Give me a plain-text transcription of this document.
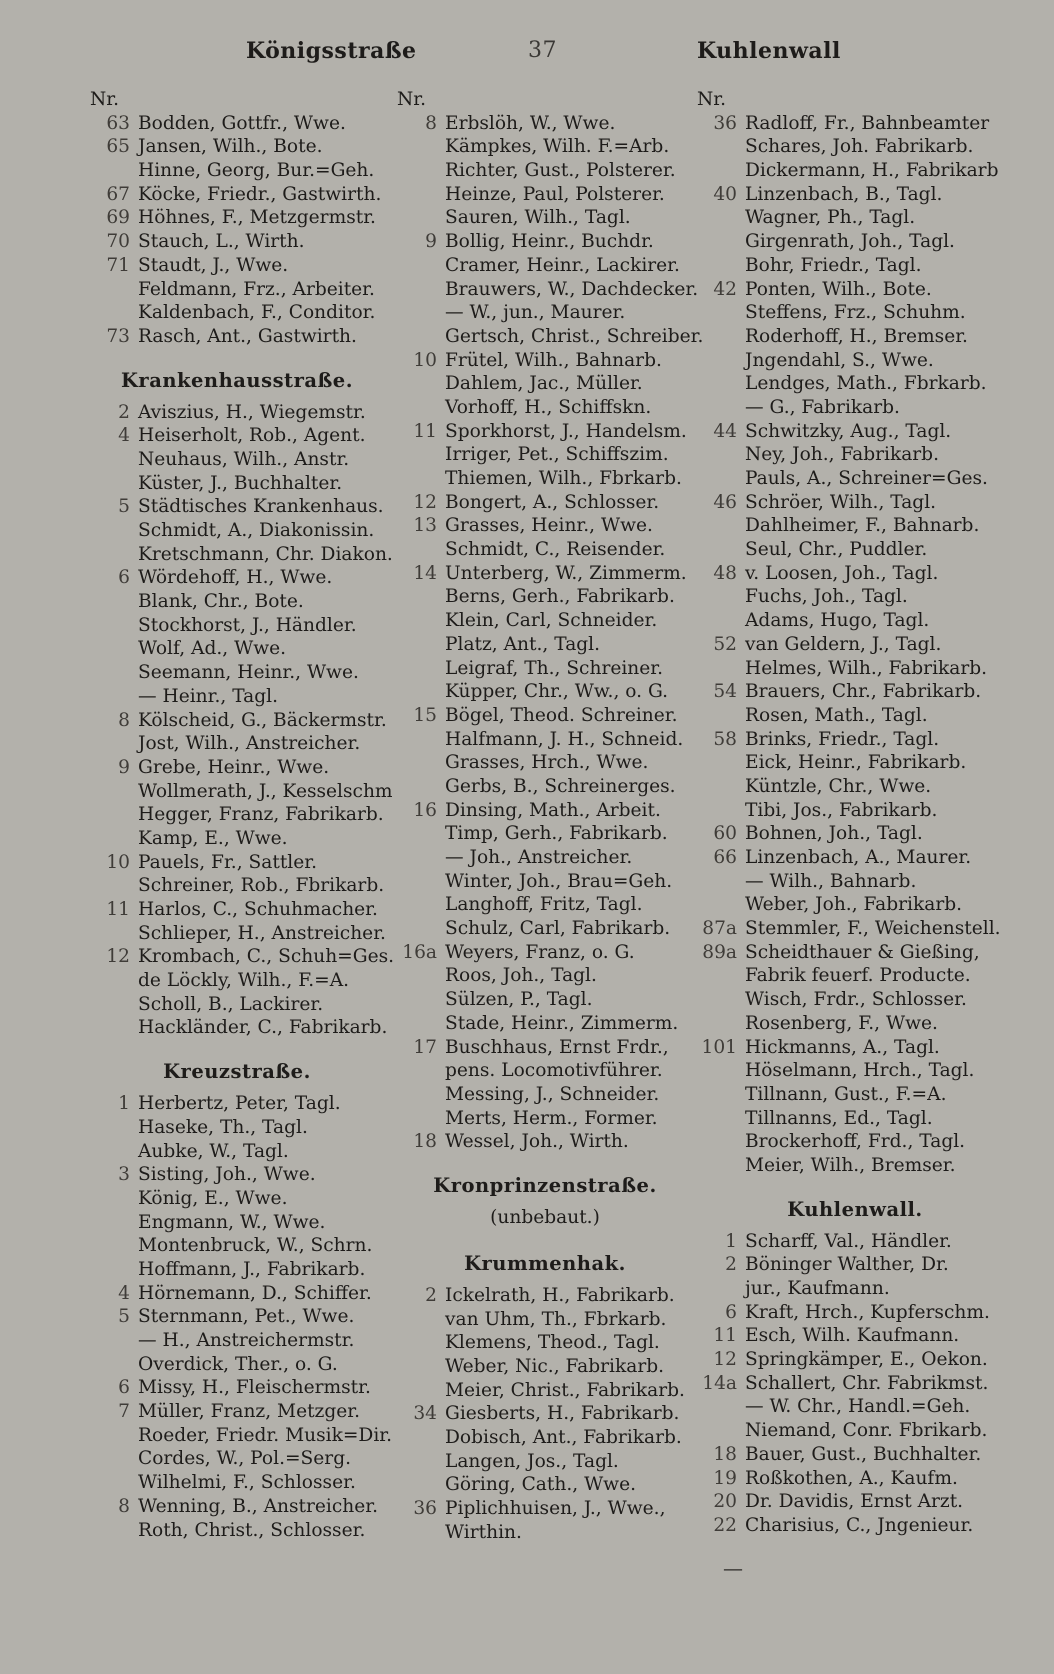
Königsstraße	37	Kuhlenwall
Nr.
63 Bodden, Gottfr., Wwe.
65 Jansen, Wilh., Bote.
Hinne, Georg, Bur.=Geh.
67 Köcke, Friedr., Gastwirth.
69 Höhnes, F., Metzgermstr.
70 Stauch, L., Wirth.
71 Staudt, J., Wwe.
Feldmann, Frz., Arbeiter.
Kaldenbach, F., Conditor.
73 Rasch, Ant., Gastwirth.
Krankenhausstraße.
2 Aviszius, H., Wiegemstr.
4 Heiserholt, Rob., Agent.
Neuhaus, Wilh., Anstr.
Küster, J., Buchhalter.
5 Städtisches Krankenhaus.
Schmidt, A., Diakonissin.
Kretschmann, Chr. Diakon.
6 Wördehoff, H., Wwe.
Blank, Chr., Bote.
Stockhorst, J., Händler.
Wolf, Ad., Wwe.
Seemann, Heinr., Wwe.
— Heinr., Tagl.
8 Kölscheid, G., Bäckermstr.
Jost, Wilh., Anstreicher.
9 Grebe, Heinr., Wwe.
Wollmerath, J., Kesselschm
Hegger, Franz, Fabrikarb.
Kamp, E., Wwe.
10 Pauels, Fr., Sattler.
Schreiner, Rob., Fbrikarb.
11 Harlos, C., Schuhmacher.
Schlieper, H., Anstreicher.
12 Krombach, C., Schuh=Ges.
de Löckly, Wilh., F.=A.
Scholl, B., Lackirer.
Hackländer, C., Fabrikarb.
Kreuzstraße.
1 Herbertz, Peter, Tagl.
Haseke, Th., Tagl.
Aubke, W., Tagl.
3 Sisting, Joh., Wwe.
König, E., Wwe.
Engmann, W., Wwe.
Montenbruck, W., Schrn.
Hoffmann, J., Fabrikarb.
4 Hörnemann, D., Schiffer.
5 Sternmann, Pet., Wwe.
— H., Anstreichermstr.
Overdick, Ther., o. G.
6 Missy, H., Fleischermstr.
7 Müller, Franz, Metzger.
Roeder, Friedr. Musik=Dir.
Cordes, W., Pol.=Serg.
Wilhelmi, F., Schlosser.
8 Wenning, B., Anstreicher.
Roth, Christ., Schlosser.
Nr.
8 Erbslöh, W., Wwe.
Kämpkes, Wilh. F.=Arb.
Richter, Gust., Polsterer.
Heinze, Paul, Polsterer.
Sauren, Wilh., Tagl.
9 Bollig, Heinr., Buchdr.
Cramer, Heinr., Lackirer.
Brauwers, W., Dachdecker.
— W., jun., Maurer.
Gertsch, Christ., Schreiber.
10 Frütel, Wilh., Bahnarb.
Dahlem, Jac., Müller.
Vorhoff, H., Schiffskn.
11 Sporkhorst, J., Handelsm.
Irriger, Pet., Schiffszim.
Thiemen, Wilh., Fbrkarb.
12 Bongert, A., Schlosser.
13 Grasses, Heinr., Wwe.
Schmidt, C., Reisender.
14 Unterberg, W., Zimmerm.
Berns, Gerh., Fabrikarb.
Klein, Carl, Schneider.
Platz, Ant., Tagl.
Leigraf, Th., Schreiner.
Küpper, Chr., Ww., o. G.
15 Bögel, Theod. Schreiner.
Halfmann, J. H., Schneid.
Grasses, Hrch., Wwe.
Gerbs, B., Schreinerges.
16 Dinsing, Math., Arbeit.
Timp, Gerh., Fabrikarb.
— Joh., Anstreicher.
Winter, Joh., Brau=Geh.
Langhoff, Fritz, Tagl.
Schulz, Carl, Fabrikarb.
16a Weyers, Franz, o. G.
Roos, Joh., Tagl.
Sülzen, P., Tagl.
Stade, Heinr., Zimmerm.
17 Buschhaus, Ernst Frdr.,
pens. Locomotivführer.
Messing, J., Schneider.
Merts, Herm., Former.
18 Wessel, Joh., Wirth.
Kronprinzenstraße.
(unbebaut.)
Krummenhak.
2 Ickelrath, H., Fabrikarb.
van Uhm, Th., Fbrkarb.
Klemens, Theod., Tagl.
Weber, Nic., Fabrikarb.
Meier, Christ., Fabrikarb.
34 Giesberts, H., Fabrikarb.
Dobisch, Ant., Fabrikarb.
Langen, Jos., Tagl.
Göring, Cath., Wwe.
36 Piplichhuisen, J., Wwe.,
Wirthin.
Nr.
36 Radloff, Fr., Bahnbeamter
Schares, Joh. Fabrikarb.
Dickermann, H., Fabrikarb
40 Linzenbach, B., Tagl.
Wagner, Ph., Tagl.
Girgenrath, Joh., Tagl.
Bohr, Friedr., Tagl.
42 Ponten, Wilh., Bote.
Steffens, Frz., Schuhm.
Roderhoff, H., Bremser.
Jngendahl, S., Wwe.
Lendges, Math., Fbrkarb.
— G., Fabrikarb.
44 Schwitzky, Aug., Tagl.
Ney, Joh., Fabrikarb.
Pauls, A., Schreiner=Ges.
46 Schröer, Wilh., Tagl.
Dahlheimer, F., Bahnarb.
Seul, Chr., Puddler.
48 v. Loosen, Joh., Tagl.
Fuchs, Joh., Tagl.
Adams, Hugo, Tagl.
52 van Geldern, J., Tagl.
Helmes, Wilh., Fabrikarb.
54 Brauers, Chr., Fabrikarb.
Rosen, Math., Tagl.
58 Brinks, Friedr., Tagl.
Eick, Heinr., Fabrikarb.
Küntzle, Chr., Wwe.
Tibi, Jos., Fabrikarb.
60 Bohnen, Joh., Tagl.
66 Linzenbach, A., Maurer.
— Wilh., Bahnarb.
Weber, Joh., Fabrikarb.
87a Stemmler, F., Weichenstell.
89a Scheidthauer & Gießing,
Fabrik feuerf. Producte.
Wisch, Frdr., Schlosser.
Rosenberg, F., Wwe.
101 Hickmanns, A., Tagl.
Höselmann, Hrch., Tagl.
Tillnann, Gust., F.=A.
Tillnanns, Ed., Tagl.
Brockerhoff, Frd., Tagl.
Meier, Wilh., Bremser.
Kuhlenwall.
1 Scharff, Val., Händler.
2 Böninger Walther, Dr.
jur., Kaufmann.
6 Kraft, Hrch., Kupferschm.
11 Esch, Wilh. Kaufmann.
12 Springkämper, E., Oekon.
14a Schallert, Chr. Fabrikmst.
— W. Chr., Handl.=Geh.
Niemand, Conr. Fbrikarb.
18 Bauer, Gust., Buchhalter.
19 Roßkothen, A., Kaufm.
20 Dr. Davidis, Ernst Arzt.
22 Charisius, C., Jngenieur.
—
